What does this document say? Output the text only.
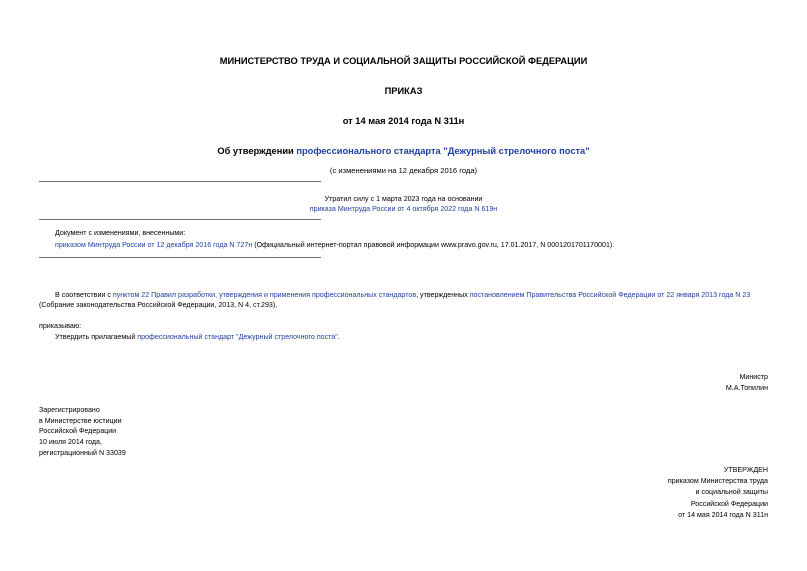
МИНИСТЕРСТВО ТРУДА И СОЦИАЛЬНОЙ ЗАЩИТЫ РОССИЙСКОЙ ФЕДЕРАЦИИ
ПРИКАЗ
от 14 мая 2014 года N 311н
Об утверждении профессионального стандарта "Дежурный стрелочного поста"
(с изменениями на 12 декабря 2016 года)
Утратил силу с 1 марта 2023 года на основании
приказа Минтруда России от 4 октября 2022 года N 619н
Документ с изменениями, внесенными:
приказом Минтруда России от 12 декабря 2016 года N 727н (Официальный интернет-портал правовой информации www.pravo.gov.ru, 17.01.2017, N 0001201701170001).
В соответствии с пунктом 22 Правил разработки, утверждения и применения профессиональных стандартов, утвержденных постановлением Правительства Российской Федерации от 22 января 2013 года N 23
(Собрание законодательства Российской Федерации, 2013, N 4, ст.293),
приказываю:
Утвердить прилагаемый профессиональный стандарт "Дежурный стрелочного поста".
Министр
М.А.Топилин
Зарегистрировано
в Министерстве юстиции
Российской Федерации
10 июля 2014 года,
регистрационный N 33039
УТВЕРЖДЕН
приказом Министерства труда
и социальной защиты
Российской Федерации
от 14 мая 2014 года N 311н
